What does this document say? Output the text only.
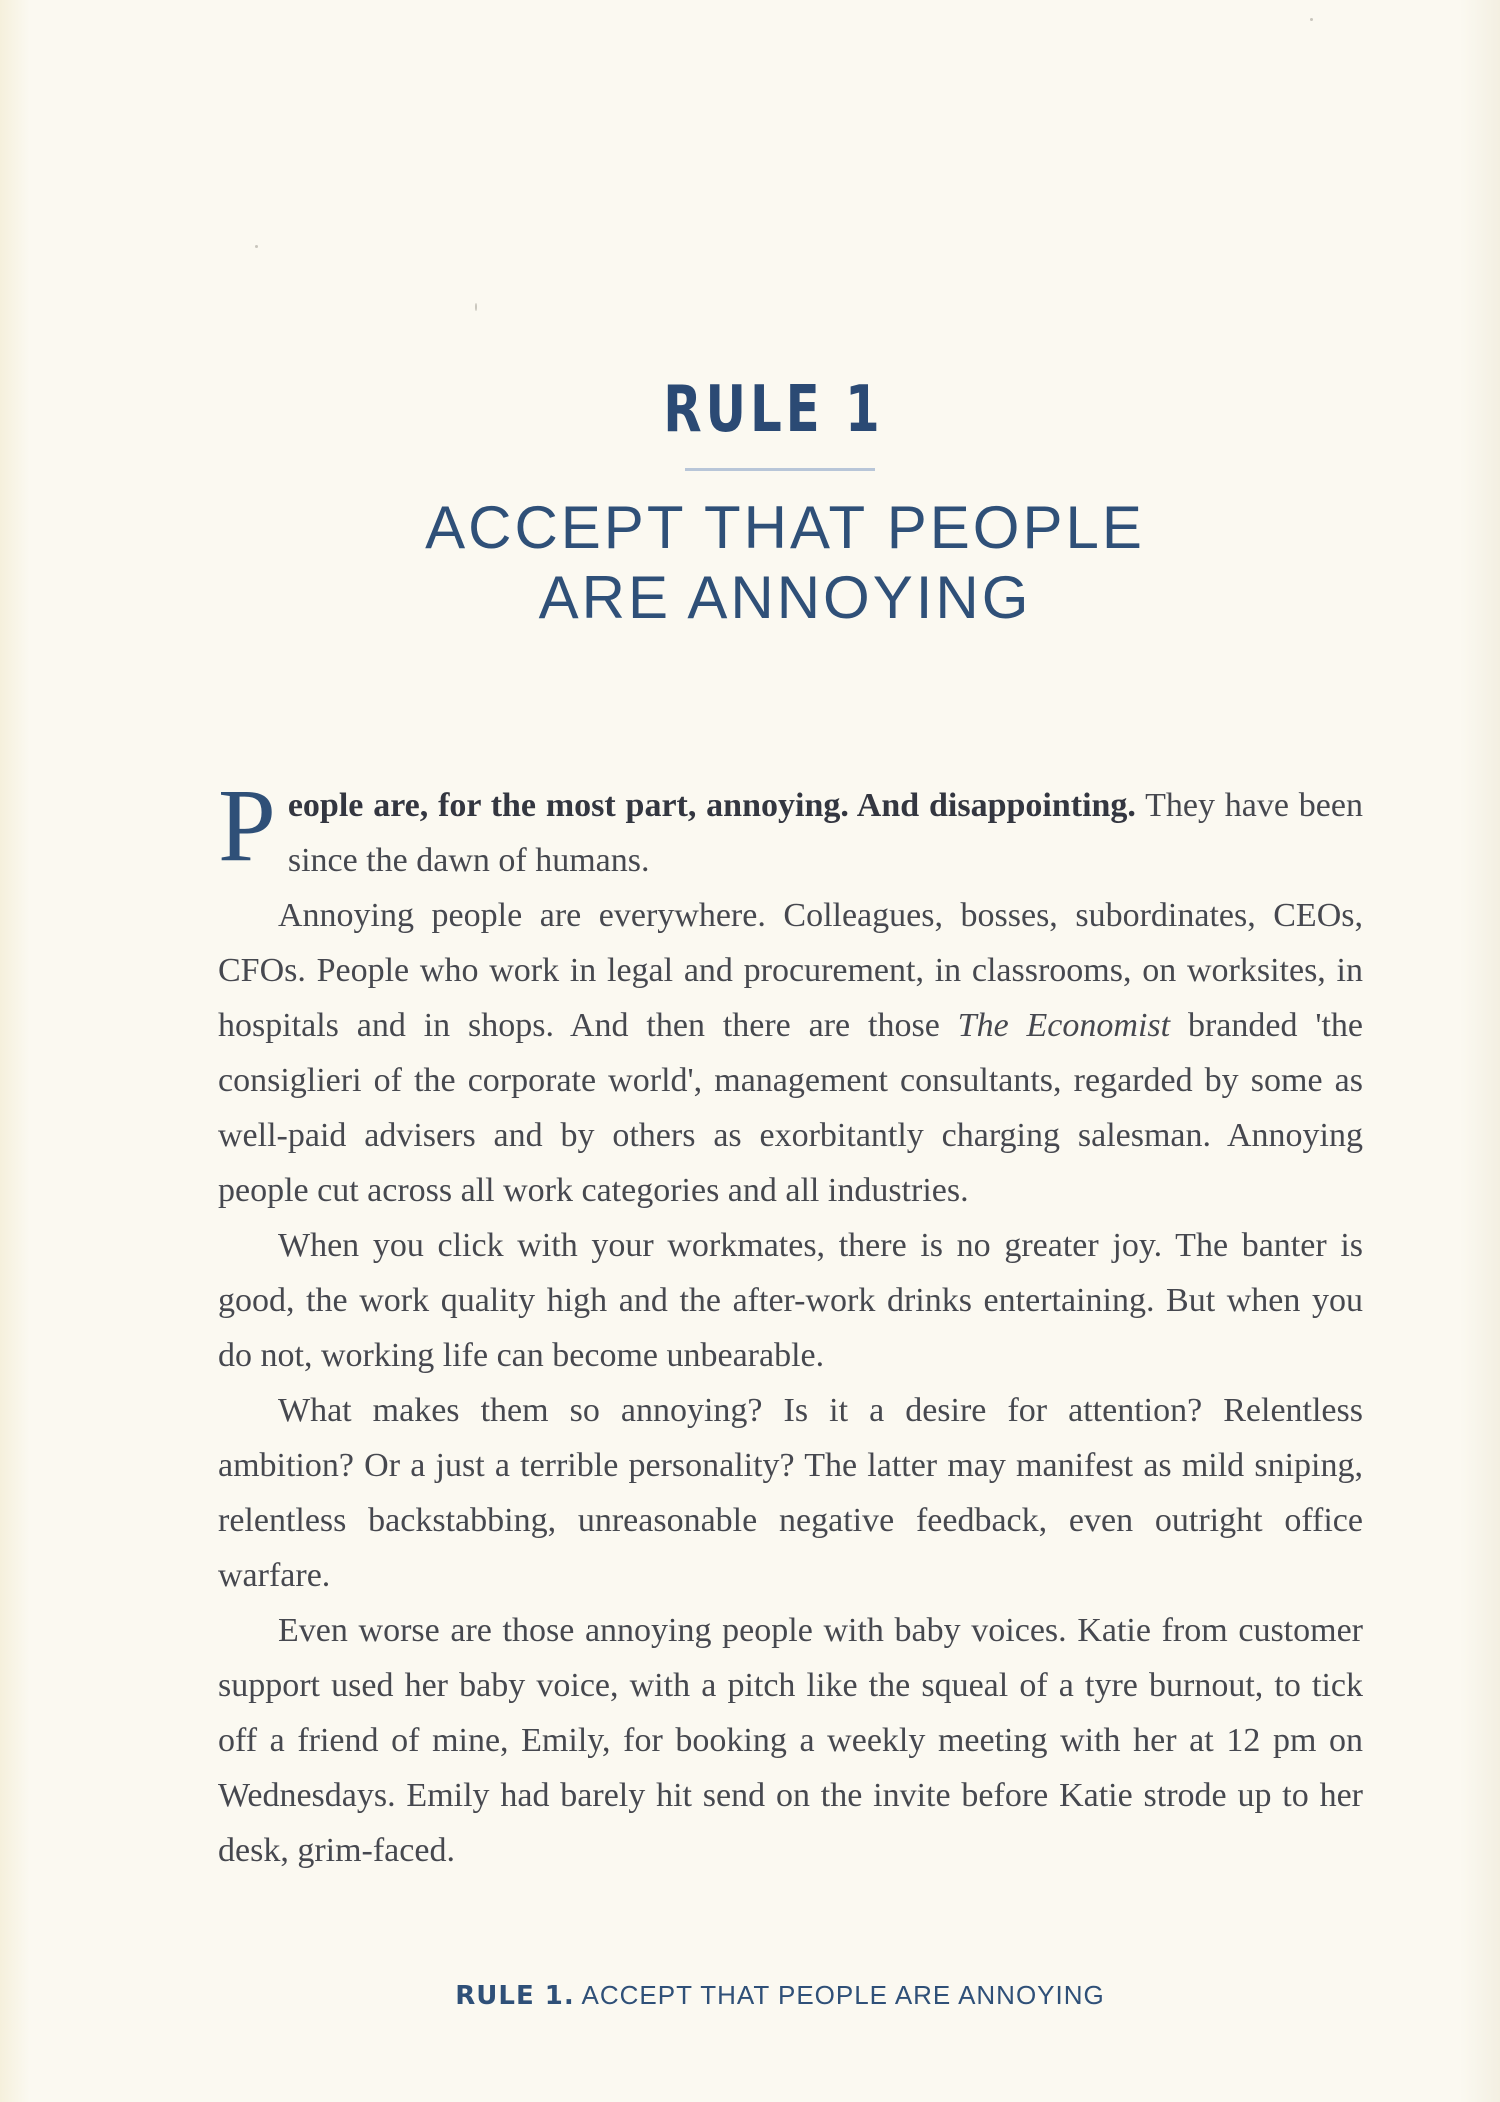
RULE 1
ACCEPT THAT PEOPLE
ARE ANNOYING

People are, for the most part, annoying. And disappointing. They have been since the dawn of humans.

Annoying people are everywhere. Colleagues, bosses, subordinates, CEOs, CFOs. People who work in legal and procurement, in classrooms, on worksites, in hospitals and in shops. And then there are those The Economist branded 'the consiglieri of the corporate world', management consultants, regarded by some as well-paid advisers and by others as exorbitantly charging salesman. Annoying people cut across all work categories and all industries.

When you click with your workmates, there is no greater joy. The banter is good, the work quality high and the after-work drinks entertaining. But when you do not, working life can become unbearable.

What makes them so annoying? Is it a desire for attention? Relentless ambition? Or a just a terrible personality? The latter may manifest as mild sniping, relentless backstabbing, unreasonable negative feedback, even outright office warfare.

Even worse are those annoying people with baby voices. Katie from customer support used her baby voice, with a pitch like the squeal of a tyre burnout, to tick off a friend of mine, Emily, for booking a weekly meeting with her at 12 pm on Wednesdays. Emily had barely hit send on the invite before Katie strode up to her desk, grim-faced.

RULE 1. ACCEPT THAT PEOPLE ARE ANNOYING
